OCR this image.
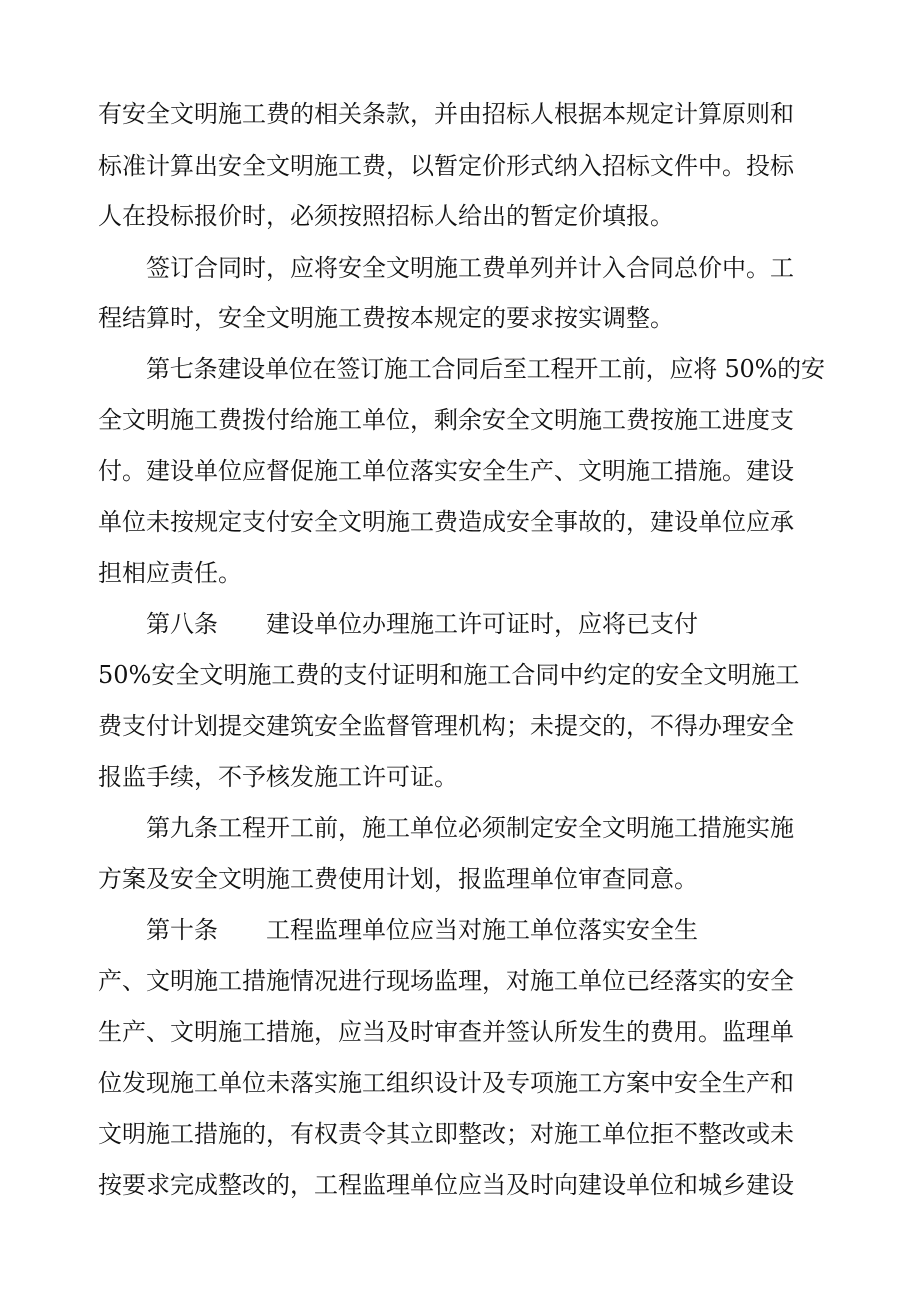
有安全文明施工费的相关条款，并由招标人根据本规定计算原则和

标准计算出安全文明施工费，以暂定价形式纳入招标文件中。投标

人在投标报价时，必须按照招标人给出的暂定价填报。

签订合同时，应将安全文明施工费单列并计入合同总价中。工

程结算时，安全文明施工费按本规定的要求按实调整。

第七条建设单位在签订施工合同后至工程开工前，应将 50%的安

全文明施工费拨付给施工单位，剩余安全文明施工费按施工进度支

付。建设单位应督促施工单位落实安全生产、文明施工措施。建设

单位未按规定支付安全文明施工费造成安全事故的，建设单位应承

担相应责任。

第八条　　建设单位办理施工许可证时，应将已支付

50%安全文明施工费的支付证明和施工合同中约定的安全文明施工

费支付计划提交建筑安全监督管理机构；未提交的，不得办理安全

报监手续，不予核发施工许可证。

第九条工程开工前，施工单位必须制定安全文明施工措施实施

方案及安全文明施工费使用计划，报监理单位审查同意。

第十条　　工程监理单位应当对施工单位落实安全生

产、文明施工措施情况进行现场监理，对施工单位已经落实的安全

生产、文明施工措施，应当及时审查并签认所发生的费用。监理单

位发现施工单位未落实施工组织设计及专项施工方案中安全生产和

文明施工措施的，有权责令其立即整改；对施工单位拒不整改或未

按要求完成整改的，工程监理单位应当及时向建设单位和城乡建设
